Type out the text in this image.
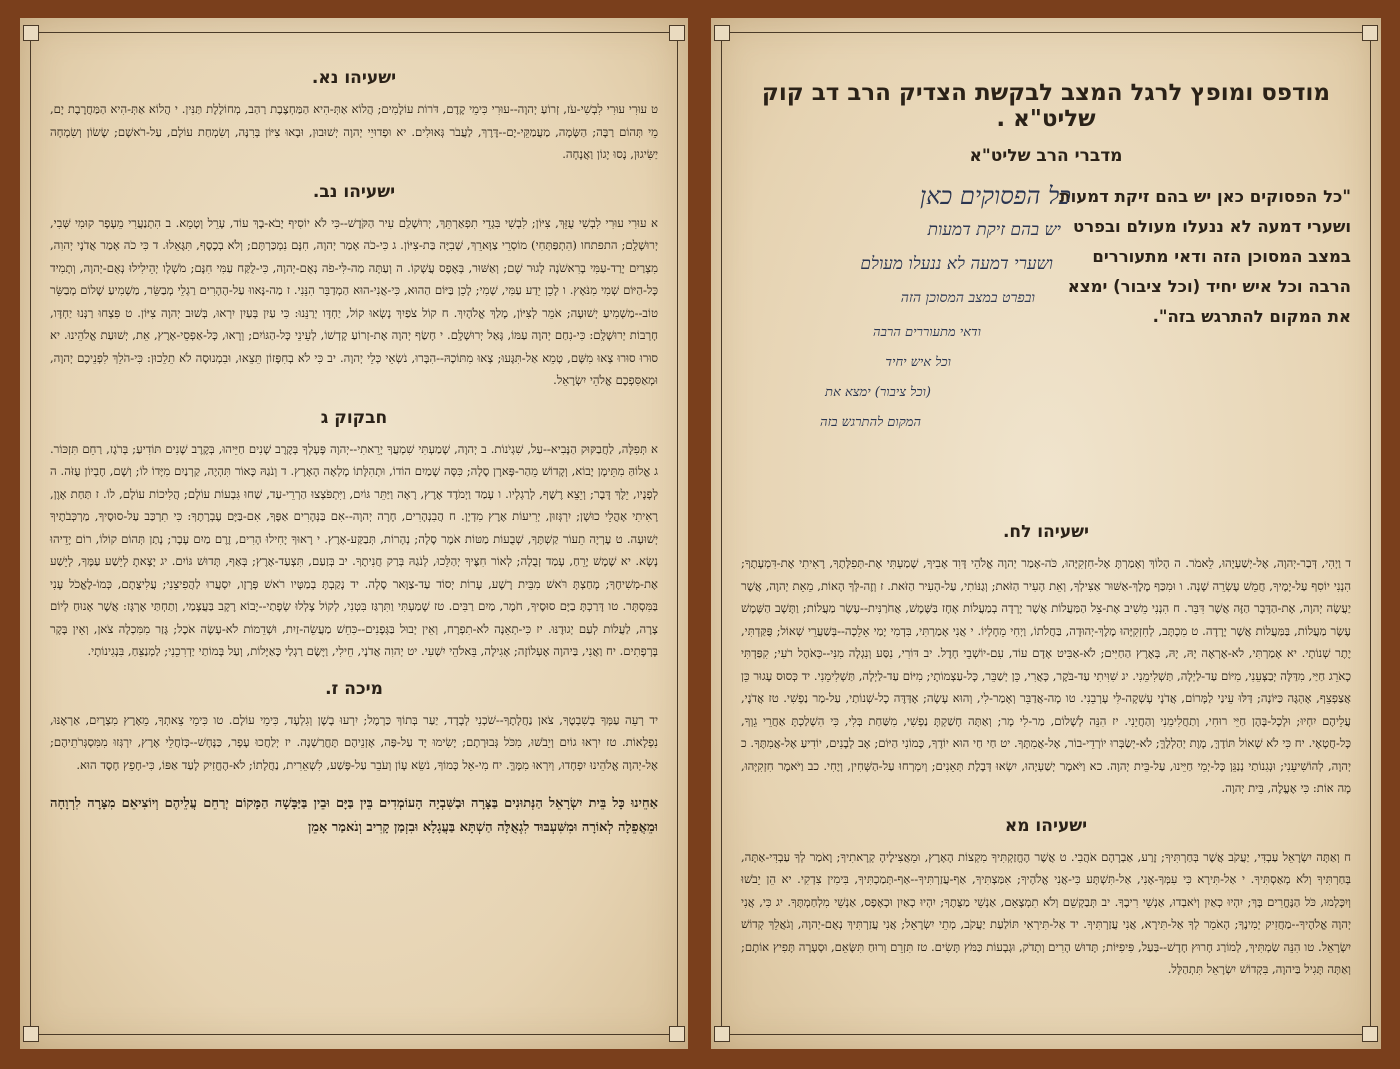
ישעיהו נא.

ט עוּרִי עוּרִי לִבְשִׁי-עֹז, זְרוֹעַ יְהוָה--עוּרִי כִּימֵי קֶדֶם, דֹּרוֹת עוֹלָמִים; הֲלוֹא אַתְּ-הִיא הַמַּחְצֶבֶת רַהַב, מְחוֹלֶלֶת תַּנִּין. י הֲלוֹא אַתְּ-הִיא הַמַּחֲרֶבֶת יָם, מֵי תְּהוֹם רַבָּה; הַשָּׂמָה, מַעֲמַקֵּי-יָם--דֶּרֶךְ, לַעֲבֹר גְּאוּלִים. יא וּפְדוּיֵי יְהוָה יְשׁוּבוּן, וּבָאוּ צִיּוֹן בְּרִנָּה, וְשִׂמְחַת עוֹלָם, עַל-רֹאשָׁם; שָׂשׂוֹן וְשִׂמְחָה יַשִּׂיגוּן, נָסוּ יָגוֹן וַאֲנָחָה.

ישעיהו נב.

א עוּרִי עוּרִי לִבְשִׁי עֻזֵּךְ, צִיּוֹן; לִבְשִׁי בִּגְדֵי תִפְאַרְתֵּךְ, יְרוּשָׁלִַם עִיר הַקֹּדֶשׁ--כִּי לֹא יוֹסִיף יָבֹא-בָךְ עוֹד, עָרֵל וְטָמֵא. ב הִתְנַעֲרִי מֵעָפָר קוּמִי שְּׁבִי, יְרוּשָׁלִָם; התפתחו (הִתְפַּתְּחִי) מוֹסְרֵי צַוָּארֵךְ, שְׁבִיָּה בַּת-צִיּוֹן. ג כִּי-כֹה אָמַר יְהוָה, חִנָּם נִמְכַּרְתֶּם; וְלֹא בְכֶסֶף, תִּגָּאֵלוּ. ד כִּי כֹה אָמַר אֲדֹנָי יְהוִה, מִצְרַיִם יָרַד-עַמִּי בָרִאשֹׁנָה לָגוּר שָׁם; וְאַשּׁוּר, בְּאֶפֶס עֲשָׁקוֹ. ה וְעַתָּה מַה-לִּי-פֹה נְאֻם-יְהוָה, כִּי-לֻקַּח עַמִּי חִנָּם; מֹשְׁלָו יְהֵילִילוּ נְאֻם-יְהוָה, וְתָמִיד כָּל-הַיּוֹם שְׁמִי מִנֹּאָץ. ו לָכֵן יֵדַע עַמִּי, שְׁמִי; לָכֵן בַּיּוֹם הַהוּא, כִּי-אֲנִי-הוּא הַמְדַבֵּר הִנֵּנִי. ז מַה-נָּאווּ עַל-הֶהָרִים רַגְלֵי מְבַשֵּׂר, מַשְׁמִיעַ שָׁלוֹם מְבַשֵּׂר טוֹב--מַשְׁמִיעַ יְשׁוּעָה; אֹמֵר לְצִיּוֹן, מָלַךְ אֱלֹהָיִךְ. ח קוֹל צֹפַיִךְ נָשְׂאוּ קוֹל, יַחְדָּו יְרַנֵּנוּ: כִּי עַיִן בְּעַיִן יִרְאוּ, בְּשׁוּב יְהוָה צִיּוֹן. ט פִּצְחוּ רַנְּנוּ יַחְדָּו, חָרְבוֹת יְרוּשָׁלִָם: כִּי-נִחַם יְהוָה עַמּוֹ, גָּאַל יְרוּשָׁלִָם. י חָשַׂף יְהוָה אֶת-זְרוֹעַ קָדְשׁוֹ, לְעֵינֵי כָּל-הַגּוֹיִם; וְרָאוּ, כָּל-אַפְסֵי-אָרֶץ, אֵת, יְשׁוּעַת אֱלֹהֵינוּ. יא סוּרוּ סוּרוּ צְאוּ מִשָּׁם, טָמֵא אַל-תִּגָּעוּ; צְאוּ מִתּוֹכָהּ--הִבָּרוּ, נֹשְׂאֵי כְּלֵי יְהוָה. יב כִּי לֹא בְחִפָּזוֹן תֵּצֵאוּ, וּבִמְנוּסָה לֹא תֵלֵכוּן: כִּי-הֹלֵךְ לִפְנֵיכֶם יְהוָה, וּמְאַסִּפְכֶם אֱלֹהֵי יִשְׂרָאֵל.

חבקוק ג

א תְּפִלָּה, לַחֲבַקּוּק הַנָּבִיא--עַל, שִׁגְיֹנוֹת. ב יְהוָה, שָׁמַעְתִּי שִׁמְעֲךָ יָרֵאתִי--יְהוָה פָּעָלְךָ בְּקֶרֶב שָׁנִים חַיֵּיהוּ, בְּקֶרֶב שָׁנִים תּוֹדִיעַ; בְּרֹגֶז, רַחֵם תִּזְכּוֹר. ג אֱלוֹהַּ מִתֵּימָן יָבוֹא, וְקָדוֹשׁ מֵהַר-פָּארָן סֶלָה; כִּסָּה שָׁמַיִם הוֹדוֹ, וּתְהִלָּתוֹ מָלְאָה הָאָרֶץ. ד וְנֹגַהּ כָּאוֹר תִּהְיֶה, קַרְנַיִם מִיָּדוֹ לוֹ; וְשָׁם, חֶבְיוֹן עֻזֹּה. ה לְפָנָיו, יֵלֶךְ דָּבֶר; וְיֵצֵא רֶשֶׁף, לְרַגְלָיו. ו עָמַד וַיְמֹדֶד אֶרֶץ, רָאָה וַיַּתֵּר גּוֹיִם, וַיִּתְפֹּצְצוּ הַרְרֵי-עַד, שַׁחוּ גִּבְעוֹת עוֹלָם; הֲלִיכוֹת עוֹלָם, לוֹ. ז תַּחַת אָוֶן, רָאִיתִי אָהֳלֵי כוּשָׁן; יִרְגְּזוּן, יְרִיעוֹת אֶרֶץ מִדְיָן. ח הֲבִנְהָרִים, חָרָה יְהוָה--אִם בַּנְּהָרִים אַפֶּךָ, אִם-בַּיָּם עֶבְרָתֶךָ: כִּי תִרְכַּב עַל-סוּסֶיךָ, מַרְכְּבֹתֶיךָ יְשׁוּעָה. ט עֶרְיָה תֵעוֹר קַשְׁתֶּךָ, שְׁבֻעוֹת מַטּוֹת אֹמֶר סֶלָה; נְהָרוֹת, תְּבַקַּע-אָרֶץ. י רָאוּךָ יָחִילוּ הָרִים, זֶרֶם מַיִם עָבָר; נָתַן תְּהוֹם קוֹלוֹ, רוֹם יָדֵיהוּ נָשָׂא. יא שֶׁמֶשׁ יָרֵחַ, עָמַד זְבֻלָה; לְאוֹר חִצֶּיךָ יְהַלֵּכוּ, לְנֹגַהּ בְּרַק חֲנִיתֶךָ. יב בְּזַעַם, תִּצְעַד-אָרֶץ; בְּאַף, תָּדוּשׁ גּוֹיִם. יג יָצָאתָ לְיֵשַׁע עַמֶּךָ, לְיֵשַׁע אֶת-מְשִׁיחֶךָ; מָחַצְתָּ רֹּאשׁ מִבֵּית רָשָׁע, עָרוֹת יְסוֹד עַד-צַוָּאר סֶלָה. יד נָקַבְתָּ בְמַטָּיו רֹאשׁ פְּרָזָו, יִסְעֲרוּ לַהֲפִיצֵנִי; עֲלִיצֻתָם, כְּמוֹ-לֶאֱכֹל עָנִי בַּמִּסְתָּר. טו דָּרַכְתָּ בַיָּם סוּסֶיךָ, חֹמֶר, מַיִם רַבִּים. טז שָׁמַעְתִּי וַתִּרְגַּז בִּטְנִי, לְקוֹל צָלְלוּ שְׂפָתַי--יָבוֹא רָקָב בַּעֲצָמַי, וְתַחְתַּי אֶרְגָּז: אֲשֶׁר אָנוּחַ לְיוֹם צָרָה, לַעֲלוֹת לְעַם יְגוּדֶנּוּ. יז כִּי-תְאֵנָה לֹא-תִפְרָח, וְאֵין יְבוּל בַּגְּפָנִים--כִּחֵשׁ מַעֲשֵׂה-זַיִת, וּשְׁדֵמוֹת לֹא-עָשָׂה אֹכֶל; גָּזַר מִמִּכְלָה צֹאן, וְאֵין בָּקָר בָּרְפָתִים. יח וַאֲנִי, בַּיהוָה אֶעְלוֹזָה; אָגִילָה, בֵּאלֹהֵי יִשְׁעִי. יט יְהוִה אֲדֹנָי, חֵילִי, וַיָּשֶׂם רַגְלַי כָּאַיָּלוֹת, וְעַל בָּמוֹתַי יַדְרִכֵנִי; לַמְנַצֵּחַ, בִּנְגִינוֹתָי.

מיכה ז.

יד רְעֵה עַמְּךָ בְשִׁבְטֶךָ, צֹאן נַחֲלָתֶךָ--שֹׁכְנִי לְבָדָד, יַעַר בְּתוֹךְ כַּרְמֶל; יִרְעוּ בָשָׁן וְגִלְעָד, כִּימֵי עוֹלָם. טו כִּימֵי צֵאתְךָ, מֵאֶרֶץ מִצְרָיִם, אַרְאֶנּוּ, נִפְלָאוֹת. טז יִרְאוּ גוֹיִם וְיֵבֹשׁוּ, מִכֹּל גְּבוּרָתָם; יָשִׂימוּ יָד עַל-פֶּה, אָזְנֵיהֶם תֶּחֱרַשְׁנָה. יז יְלַחֲכוּ עָפָר, כַּנָּחָשׁ--כְּזֹחֲלֵי אֶרֶץ, יִרְגְּזוּ מִמִּסְגְּרֹתֵיהֶם; אֶל-יְהוָה אֱלֹהֵינוּ יִפְחָדוּ, וְיִרְאוּ מִמֶּךָּ. יח מִי-אֵל כָּמוֹךָ, נֹשֵׂא עָוֹן וְעֹבֵר עַל-פֶּשַׁע, לִשְׁאֵרִית, נַחֲלָתוֹ; לֹא-הֶחֱזִיק לָעַד אַפּוֹ, כִּי-חָפֵץ חֶסֶד הוּא.

אַחֵינוּ כָּל בֵּית יִשְׂרָאֵל הַנְּתוּנִים בַּצָּרָה וּבַשִּׁבְיָה הָעוֹמְדִים בֵּין בַּיָּם וּבֵין בַּיַּבָּשָׁה הַמָּקוֹם יְרַחֵם עֲלֵיהֶם וְיוֹצִיאֵם מִצָּרָה לִרְוָחָה וּמֵאֲפֵלָה לְאוֹרָה וּמִשִּׁעְבּוּד לִגְאֻלָּה הַשְׁתָּא בַּעֲגָלָא וּבִזְמַן קָרִיב וְנֹאמַר אָמֵן

מודפס ומופץ לרגל המצב לבקשת הצדיק הרב דב קוק שליט"א .
מדברי הרב שליט"א
"כל הפסוקים כאן יש בהם זיקת דמעות ושערי דמעה לא ננעלו מעולם ובפרט במצב המסוכן הזה ודאי מתעוררים הרבה וכל איש יחיד (וכל ציבור) ימצא את המקום להתרגש בזה".
כל הפסוקים כאן
יש בהם זיקת דמעות
ושערי דמעה לא ננעלו מעולם
ובפרט במצב המסוכן הזה
ודאי מתעוררים הרבה
וכל איש יחיד
(וכל ציבור) ימצא את
המקום להתרגש בזה
ישעיהו לח.

ד וַיְהִי, דְּבַר-יְהוָה, אֶל-יְשַׁעְיָהוּ, לֵאמֹר. ה הָלוֹךְ וְאָמַרְתָּ אֶל-חִזְקִיָּהוּ, כֹּה-אָמַר יְהוָה אֱלֹהֵי דָּוִד אָבִיךָ, שָׁמַעְתִּי אֶת-תְּפִלָּתֶךָ, רָאִיתִי אֶת-דִּמְעָתֶךָ; הִנְנִי יוֹסִף עַל-יָמֶיךָ, חֲמֵשׁ עֶשְׂרֵה שָׁנָה. ו וּמִכַּף מֶלֶךְ-אַשּׁוּר אַצִּילְךָ, וְאֵת הָעִיר הַזֹּאת; וְגַנּוֹתִי, עַל-הָעִיר הַזֹּאת. ז וְזֶה-לְּךָ הָאוֹת, מֵאֵת יְהוָה, אֲשֶׁר יַעֲשֶׂה יְהוָה, אֶת-הַדָּבָר הַזֶּה אֲשֶׁר דִּבֵּר. ח הִנְנִי מֵשִׁיב אֶת-צֵל הַמַּעֲלוֹת אֲשֶׁר יָרְדָה בְמַעֲלוֹת אָחָז בַּשֶּׁמֶשׁ, אֲחֹרַנִּית--עֶשֶׂר מַעֲלוֹת; וַתָּשָׁב הַשֶּׁמֶשׁ עֶשֶׂר מַעֲלוֹת, בַּמַּעֲלוֹת אֲשֶׁר יָרָדָה. ט מִכְתָּב, לְחִזְקִיָּהוּ מֶלֶךְ-יְהוּדָה, בַּחֲלֹתוֹ, וַיְחִי מֵחָלְיוֹ. י אֲנִי אָמַרְתִּי, בִּדְמִי יָמַי אֵלֵכָה--בְּשַׁעֲרֵי שְׁאוֹל; פֻּקַּדְתִּי, יֶתֶר שְׁנוֹתָי. יא אָמַרְתִּי, לֹא-אֶרְאֶה יָהּ, יָהּ, בְּאֶרֶץ הַחַיִּים; לֹא-אַבִּיט אָדָם עוֹד, עִם-יוֹשְׁבֵי חָדֶל. יב דּוֹרִי, נִסַּע וְנִגְלָה מִנִּי--כְּאֹהֶל רֹעִי; קִפַּדְתִּי כָאֹרֵג חַיַּי, מִדַּלָּה יְבַצְּעֵנִי, מִיּוֹם עַד-לַיְלָה, תַּשְׁלִימֵנִי. יג שִׁוִּיתִי עַד-בֹּקֶר, כָּאֲרִי, כֵּן יְשַׁבֵּר, כָּל-עַצְמוֹתָי; מִיּוֹם עַד-לַיְלָה, תַּשְׁלִימֵנִי. יד כְּסוּס עָגוּר כֵּן אֲצַפְצֵף, אֶהְגֶּה כַּיּוֹנָה; דַּלּוּ עֵינַי לַמָּרוֹם, אֲדֹנָי עָשְׁקָה-לִּי עָרְבֵנִי. טו מָה-אֲדַבֵּר וְאָמַר-לִי, וְהוּא עָשָׂה; אֶדַּדֶּה כָל-שְׁנוֹתַי, עַל-מַר נַפְשִׁי. טז אֲדֹנָי, עֲלֵיהֶם יִחְיוּ; וּלְכָל-בָּהֶן חַיֵּי רוּחִי, וְתַחֲלִימֵנִי וְהַחֲיֵנִי. יז הִנֵּה לְשָׁלוֹם, מַר-לִי מָר; וְאַתָּה חָשַׁקְתָּ נַפְשִׁי, מִשַּׁחַת בְּלִי, כִּי הִשְׁלַכְתָּ אַחֲרֵי גֵוְךָ, כָּל-חֲטָאָי. יח כִּי לֹא שְׁאוֹל תּוֹדֶךָּ, מָוֶת יְהַלְלֶךָּ; לֹא-יְשַׂבְּרוּ יוֹרְדֵי-בוֹר, אֶל-אֲמִתֶּךָ. יט חַי חַי הוּא יוֹדֶךָ, כָּמוֹנִי הַיּוֹם; אָב לְבָנִים, יוֹדִיעַ אֶל-אֲמִתֶּךָ. כ יְהוָה, לְהוֹשִׁיעֵנִי; וּנְגִנוֹתַי נְנַגֵּן כָּל-יְמֵי חַיֵּינוּ, עַל-בֵּית יְהוָה. כא וַיֹּאמֶר יְשַׁעְיָהוּ, יִשְׂאוּ דְּבֶלֶת תְּאֵנִים; וְיִמְרְחוּ עַל-הַשְּׁחִין, וְיֶחִי. כב וַיֹּאמֶר חִזְקִיָּהוּ, מָה אוֹת: כִּי אֶעֱלֶה, בֵּית יְהוָה.

ישעיהו מא

ח וְאַתָּה יִשְׂרָאֵל עַבְדִּי, יַעֲקֹב אֲשֶׁר בְּחַרְתִּיךָ; זֶרַע, אַבְרָהָם אֹהֲבִי. ט אֲשֶׁר הֶחֱזַקְתִּיךָ מִקְצוֹת הָאָרֶץ, וּמֵאֲצִילֶיהָ קְרָאתִיךָ; וָאֹמַר לְךָ עַבְדִּי-אַתָּה, בְּחַרְתִּיךָ וְלֹא מְאַסְתִּיךָ. י אַל-תִּירָא כִּי עִמְּךָ-אָנִי, אַל-תִּשְׁתָּע כִּי-אֲנִי אֱלֹהֶיךָ; אִמַּצְתִּיךָ, אַף-עֲזַרְתִּיךָ--אַף-תְּמַכְתִּיךָ, בִּימִין צִדְקִי. יא הֵן יֵבֹשׁוּ וְיִכָּלְמוּ, כֹּל הַנֶּחֱרִים בָּךְ; יִהְיוּ כְאַיִן וְיֹאבְדוּ, אַנְשֵׁי רִיבֶךָ. יב תְּבַקְשֵׁם וְלֹא תִמְצָאֵם, אַנְשֵׁי מַצֻּתֶךָ; יִהְיוּ כְאַיִן וּכְאֶפֶס, אַנְשֵׁי מִלְחַמְתֶּךָ. יג כִּי, אֲנִי יְהוָה אֱלֹהֶיךָ--מַחֲזִיק יְמִינֶךָ; הָאֹמֵר לְךָ אַל-תִּירָא, אֲנִי עֲזַרְתִּיךָ. יד אַל-תִּירְאִי תּוֹלַעַת יַעֲקֹב, מְתֵי יִשְׂרָאֵל; אֲנִי עֲזַרְתִּיךְ נְאֻם-יְהוָה, וְגֹאֲלֵךְ קְדוֹשׁ יִשְׂרָאֵל. טו הִנֵּה שַׂמְתִּיךְ, לְמוֹרַג חָרוּץ חָדָשׁ--בַּעַל, פִּיפִיּוֹת; תָּדוּשׁ הָרִים וְתָדֹק, וּגְבָעוֹת כַּמֹּץ תָּשִׂים. טז תִּזְרֵם וְרוּחַ תִּשָּׂאֵם, וּסְעָרָה תָּפִיץ אוֹתָם; וְאַתָּה תָּגִיל בַּיהוָה, בִּקְדוֹשׁ יִשְׂרָאֵל תִּתְהַלָּל.
